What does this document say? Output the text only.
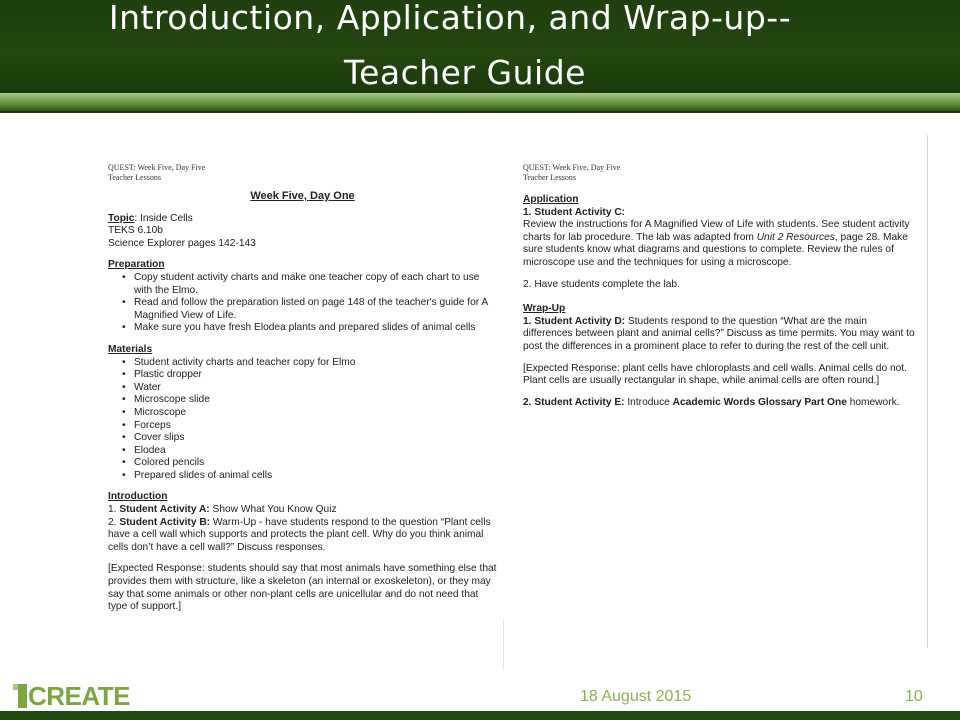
Introduction, Application, and Wrap-up--
Teacher Guide
QUEST: Week Five, Day Five
Teacher Lessons
Week Five, Day One
Topic: Inside Cells
TEKS 6.10b
Science Explorer pages 142-143
Preparation
• Copy student activity charts and make one teacher copy of each chart to use with the Elmo.
• Read and follow the preparation listed on page 148 of the teacher's guide for A Magnified View of Life.
• Make sure you have fresh Elodea plants and prepared slides of animal cells
Materials
• Student activity charts and teacher copy for Elmo
• Plastic dropper
• Water
• Microscope slide
• Microscope
• Forceps
• Cover slips
• Elodea
• Colored pencils
• Prepared slides of animal cells
Introduction
1. Student Activity A: Show What You Know Quiz
2. Student Activity B: Warm-Up - have students respond to the question “Plant cells have a cell wall which supports and protects the plant cell. Why do you think animal cells don’t have a cell wall?” Discuss responses.
[Expected Response: students should say that most animals have something else that provides them with structure, like a skeleton (an internal or exoskeleton), or they may say that some animals or other non-plant cells are unicellular and do not need that type of support.]
QUEST: Week Five, Day Five
Teacher Lessons
Application
1. Student Activity C:
Review the instructions for A Magnified View of Life with students. See student activity charts for lab procedure. The lab was adapted from Unit 2 Resources, page 28. Make sure students know what diagrams and questions to complete. Review the rules of microscope use and the techniques for using a microscope.
2. Have students complete the lab.
Wrap-Up
1. Student Activity D: Students respond to the question “What are the main differences between plant and animal cells?” Discuss as time permits. You may want to post the differences in a prominent place to refer to during the rest of the cell unit.
[Expected Response: plant cells have chloroplasts and cell walls. Animal cells do not. Plant cells are usually rectangular in shape, while animal cells are often round.]
2. Student Activity E: Introduce Academic Words Glossary Part One homework.
CREATE	18 August 2015	10
